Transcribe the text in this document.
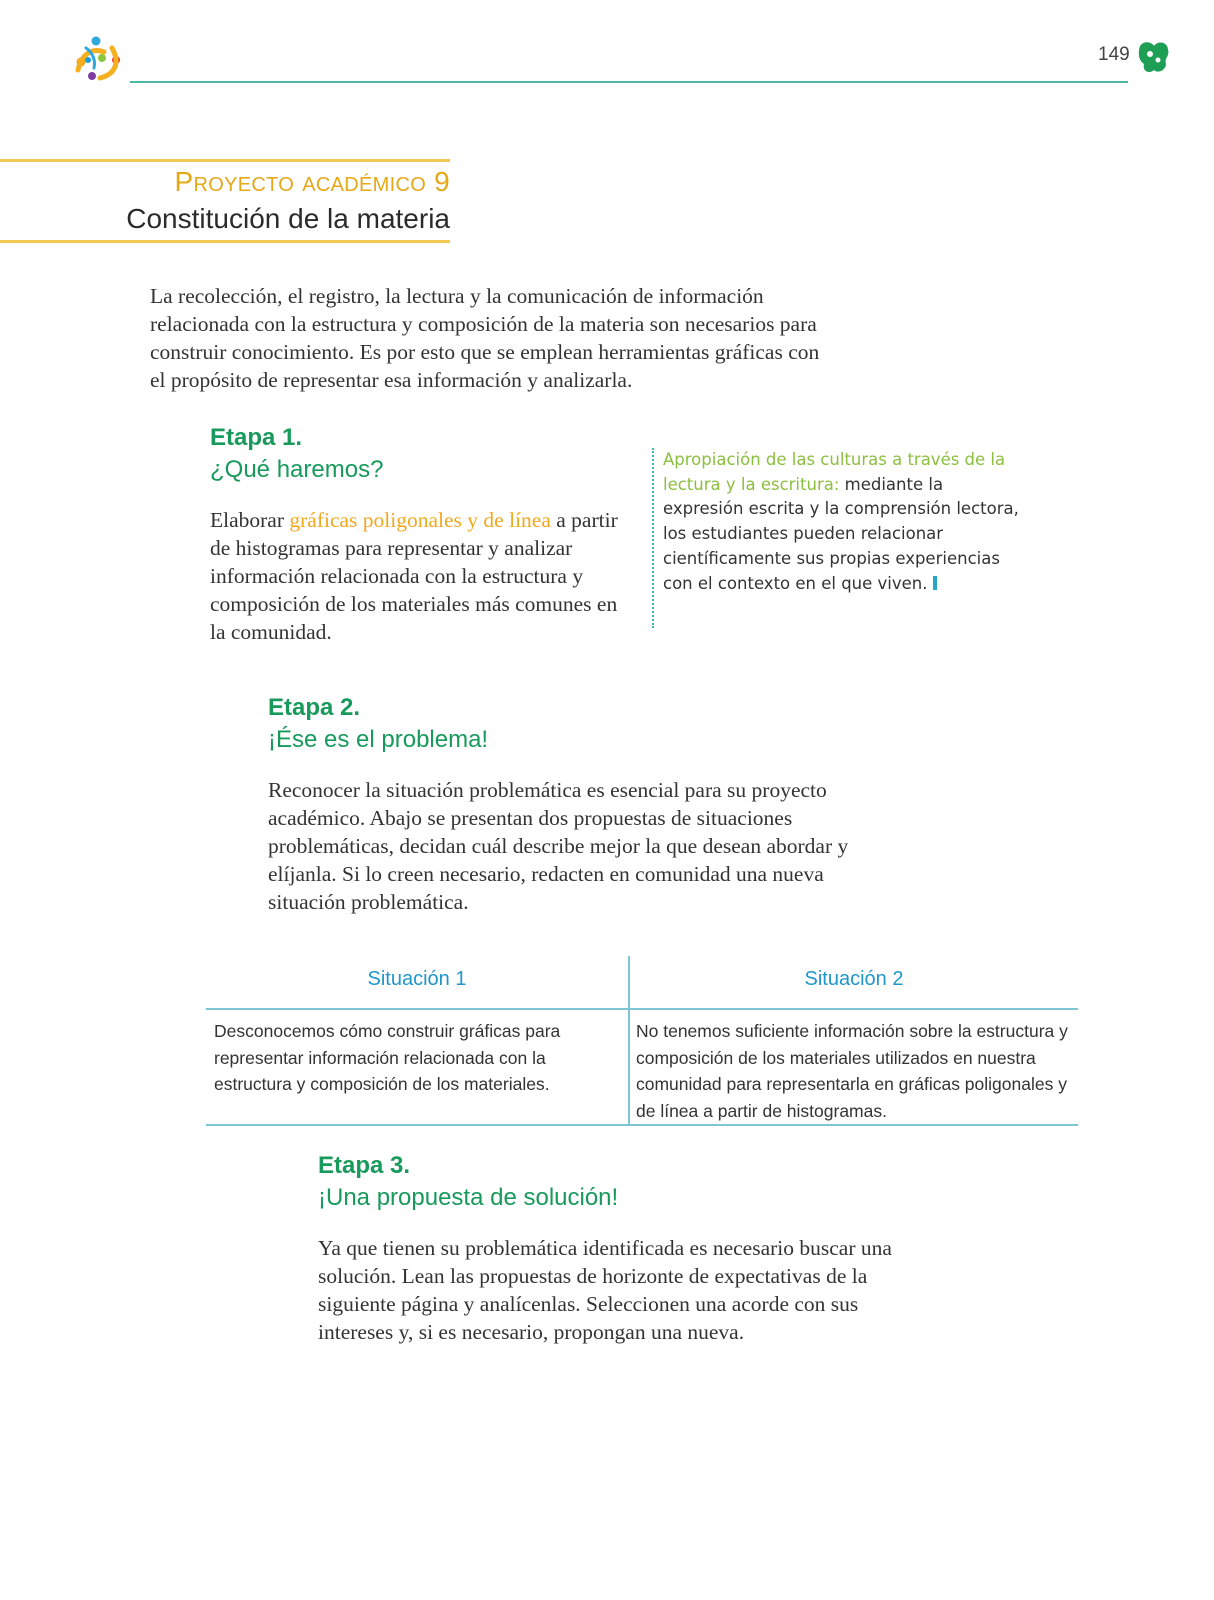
149
Proyecto académico 9
Constitución de la materia
La recolección, el registro, la lectura y la comunicación de información relacionada con la estructura y composición de la materia son necesarios para construir conocimiento. Es por esto que se emplean herramientas gráficas con el propósito de representar esa información y analizarla.
Etapa 1.
¿Qué haremos?
Elaborar gráficas poligonales y de línea a partir de histogramas para representar y analizar información relacionada con la estructura y composición de los materiales más comunes en la comunidad.
Apropiación de las culturas a través de la lectura y la escritura: mediante la expresión escrita y la comprensión lectora, los estudiantes pueden relacionar científicamente sus propias experiencias con el contexto en el que viven.
Etapa 2.
¡Ése es el problema!
Reconocer la situación problemática es esencial para su proyecto académico. Abajo se presentan dos propuestas de situaciones problemáticas, decidan cuál describe mejor la que desean abordar y elíjanla. Si lo creen necesario, redacten en comunidad una nueva situación problemática.
Situación 1	Situación 2
Desconocemos cómo construir gráficas para representar información relacionada con la estructura y composición de los materiales.
No tenemos suficiente información sobre la estructura y composición de los materiales utilizados en nuestra comunidad para representarla en gráficas poligonales y de línea a partir de histogramas.
Etapa 3.
¡Una propuesta de solución!
Ya que tienen su problemática identificada es necesario buscar una solución. Lean las propuestas de horizonte de expectativas de la siguiente página y analícenlas. Seleccionen una acorde con sus intereses y, si es necesario, propongan una nueva.
